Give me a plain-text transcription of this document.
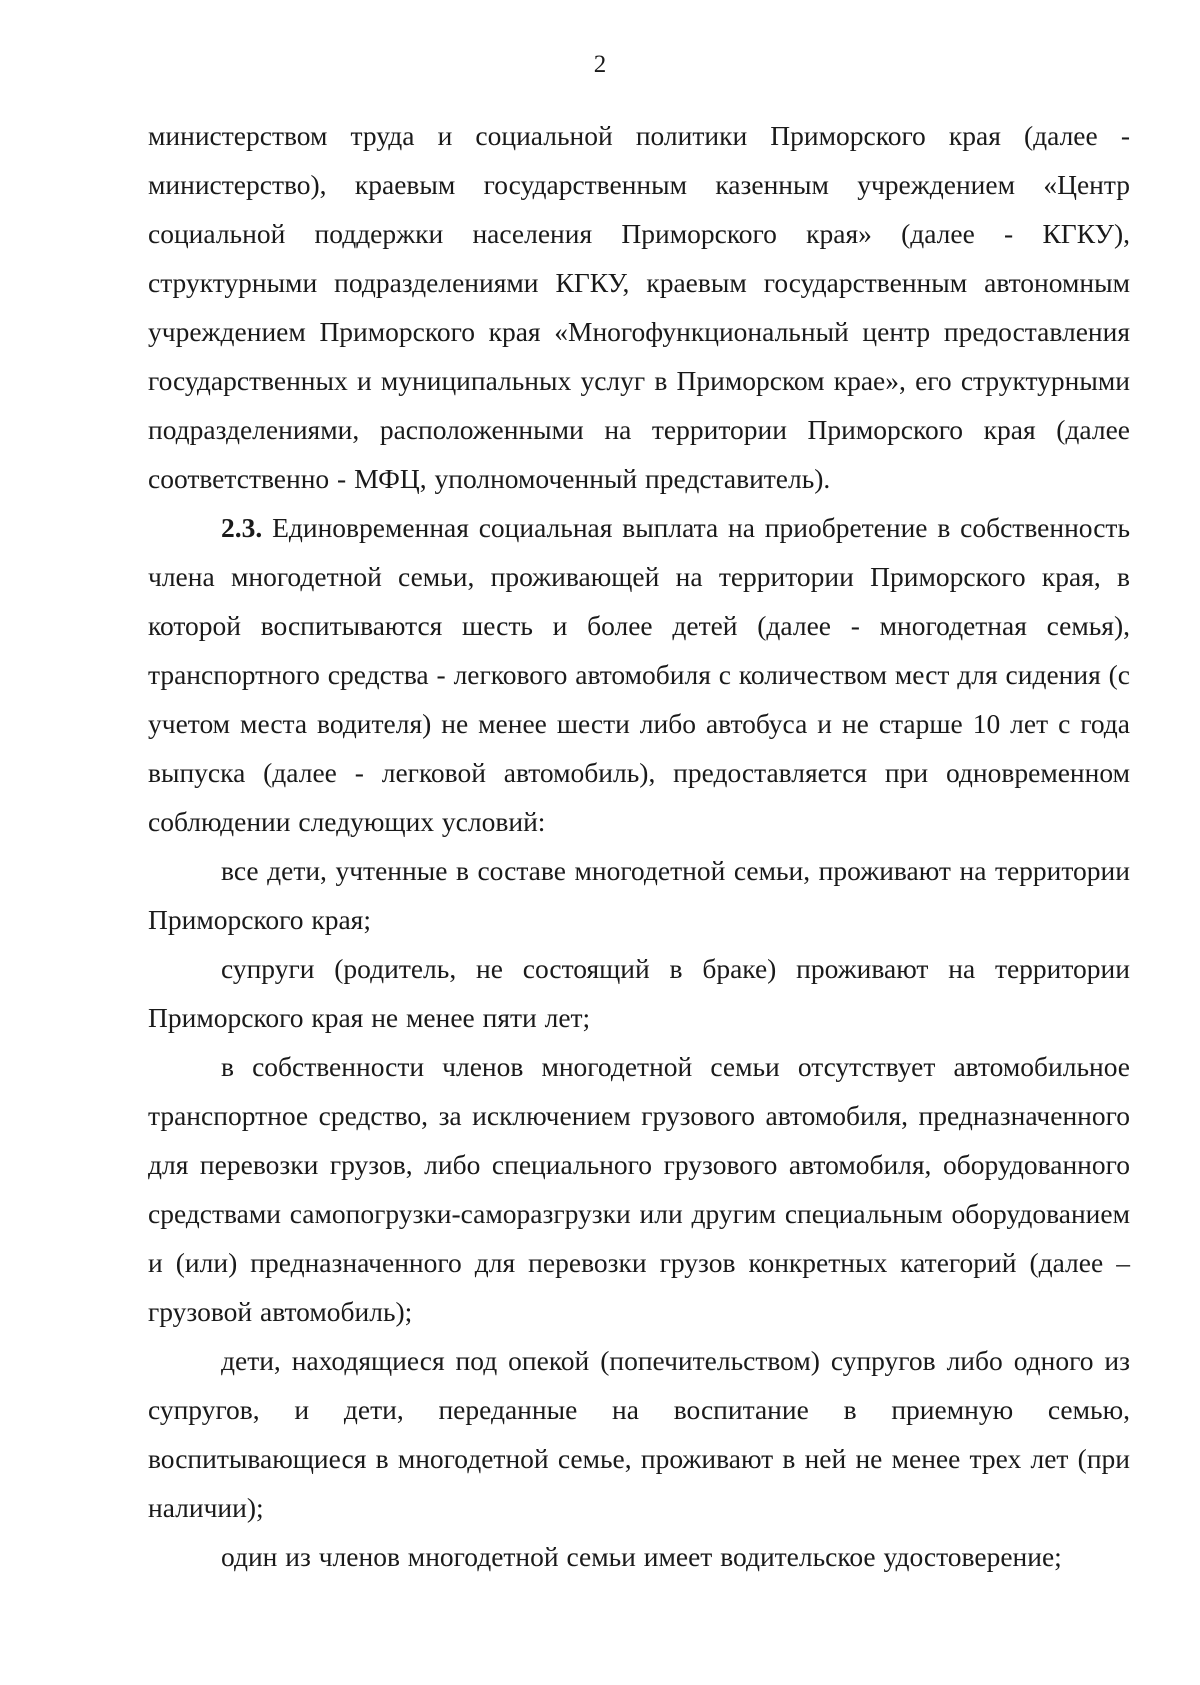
2

министерством труда и социальной политики Приморского края (далее - министерство), краевым государственным казенным учреждением «Центр социальной поддержки населения Приморского края» (далее - КГКУ), структурными подразделениями КГКУ, краевым государственным автономным учреждением Приморского края «Многофункциональный центр предоставления государственных и муниципальных услуг в Приморском крае», его структурными подразделениями, расположенными на территории Приморского края (далее соответственно - МФЦ, уполномоченный представитель).

2.3. Единовременная социальная выплата на приобретение в собственность члена многодетной семьи, проживающей на территории Приморского края, в которой воспитываются шесть и более детей (далее - многодетная семья), транспортного средства - легкового автомобиля с количеством мест для сидения (с учетом места водителя) не менее шести либо автобуса и не старше 10 лет с года выпуска (далее - легковой автомобиль), предоставляется при одновременном соблюдении следующих условий:

все дети, учтенные в составе многодетной семьи, проживают на территории Приморского края;

супруги (родитель, не состоящий в браке) проживают на территории Приморского края не менее пяти лет;

в собственности членов многодетной семьи отсутствует автомобильное транспортное средство, за исключением грузового автомобиля, предназначенного для перевозки грузов, либо специального грузового автомобиля, оборудованного средствами самопогрузки-саморазгрузки или другим специальным оборудованием и (или) предназначенного для перевозки грузов конкретных категорий (далее – грузовой автомобиль);

дети, находящиеся под опекой (попечительством) супругов либо одного из супругов, и дети, переданные на воспитание в приемную семью, воспитывающиеся в многодетной семье, проживают в ней не менее трех лет (при наличии);

один из членов многодетной семьи имеет водительское удостоверение;
